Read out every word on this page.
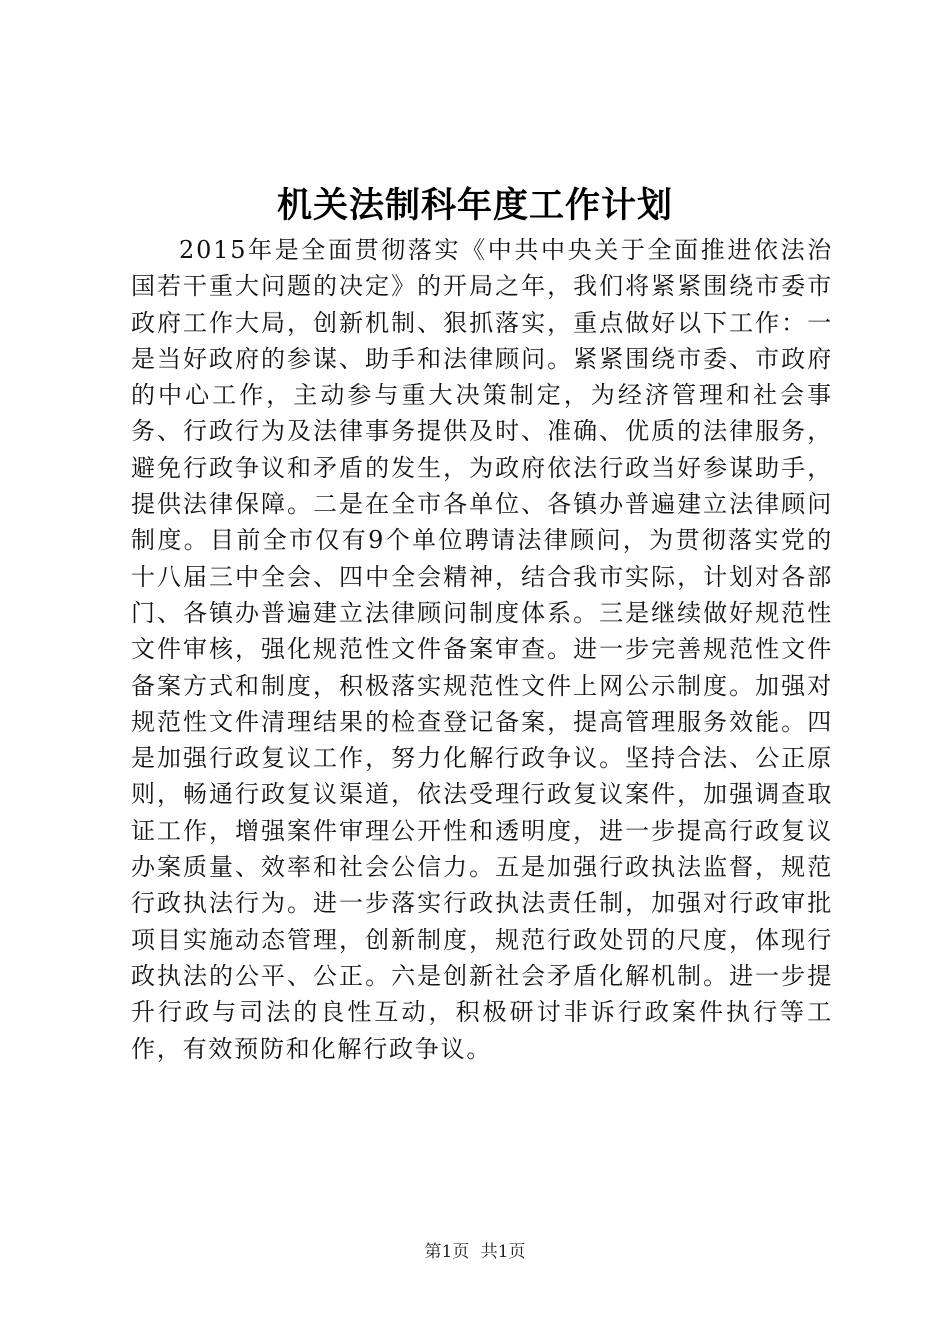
机关法制科年度工作计划

2015年是全面贯彻落实《中共中央关于全面推进依法治国若干重大问题的决定》的开局之年，我们将紧紧围绕市委市政府工作大局，创新机制、狠抓落实，重点做好以下工作：一是当好政府的参谋、助手和法律顾问。紧紧围绕市委、市政府的中心工作，主动参与重大决策制定，为经济管理和社会事务、行政行为及法律事务提供及时、准确、优质的法律服务，避免行政争议和矛盾的发生，为政府依法行政当好参谋助手，提供法律保障。二是在全市各单位、各镇办普遍建立法律顾问制度。目前全市仅有9个单位聘请法律顾问，为贯彻落实党的十八届三中全会、四中全会精神，结合我市实际，计划对各部门、各镇办普遍建立法律顾问制度体系。三是继续做好规范性文件审核，强化规范性文件备案审查。进一步完善规范性文件备案方式和制度，积极落实规范性文件上网公示制度。加强对规范性文件清理结果的检查登记备案，提高管理服务效能。四是加强行政复议工作，努力化解行政争议。坚持合法、公正原则，畅通行政复议渠道，依法受理行政复议案件，加强调查取证工作，增强案件审理公开性和透明度，进一步提高行政复议办案质量、效率和社会公信力。五是加强行政执法监督，规范行政执法行为。进一步落实行政执法责任制，加强对行政审批项目实施动态管理，创新制度，规范行政处罚的尺度，体现行政执法的公平、公正。六是创新社会矛盾化解机制。进一步提升行政与司法的良性互动，积极研讨非诉行政案件执行等工作，有效预防和化解行政争议。

第1页 共1页
